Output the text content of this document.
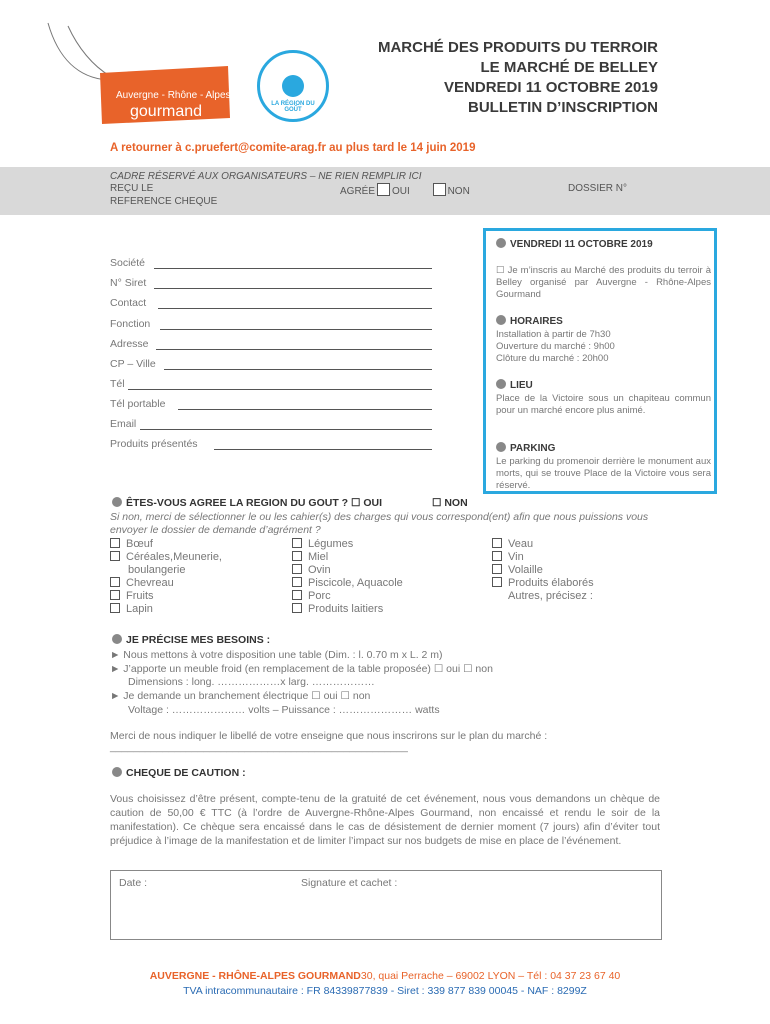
Auvergne - Rhône - Alpes
gourmand	LA RÉGION DU GOÛT
MARCHÉ DES PRODUITS DU TERROIR
LE MARCHÉ DE BELLEY
VENDREDI 11 OCTOBRE 2019
BULLETIN D’INSCRIPTION
A retourner à c.pruefert@comite-arag.fr au plus tard le 14 juin 2019
CADRE RÉSERVÉ AUX ORGANISATEURS – NE RIEN REMPLIR ICI
REÇU LE	AGRÉE OUI	NON	DOSSIER N°
REFERENCE CHEQUE
Société
N° Siret
Contact
Fonction
Adresse
CP – Ville
Tél
Tél portable
Email
Produits présentés
VENDREDI 11 OCTOBRE 2019
☐ Je m’inscris au Marché des produits du terroir à Belley organisé par Auvergne - Rhône-Alpes Gourmand
HORAIRES
Installation à partir de 7h30
Ouverture du marché : 9h00
Clôture du marché : 20h00
LIEU
Place de la Victoire sous un chapiteau commun pour un marché encore plus animé.
PARKING
Le parking du promenoir derrière le monument aux morts, qui se trouve Place de la Victoire vous sera réservé.
ÊTES-VOUS AGREE LA REGION DU GOUT ? ☐ OUI	☐ NON
Si non, merci de sélectionner le ou les cahier(s) des charges qui vous correspond(ent) afin que nous puissions vous envoyer le dossier de demande d’agrément ?
Bœuf
Céréales,Meunerie,
boulangerie
Chevreau
Fruits
Lapin
Légumes
Miel
Ovin
Piscicole, Aquacole
Porc
Produits laitiers
Veau
Vin
Volaille
Produits élaborés
Autres, précisez :
JE PRÉCISE MES BESOINS :
► Nous mettons à votre disposition une table (Dim. : l. 0.70 m x L. 2 m)
► J’apporte un meuble froid (en remplacement de la table proposée) ☐ oui ☐ non
Dimensions : long. ………………x larg. ………………
► Je demande un branchement électrique ☐ oui ☐ non
Voltage : ………………… volts – Puissance : ………………… watts
Merci de nous indiquer le libellé de votre enseigne que nous inscrirons sur le plan du marché :
___________________________________________________
CHEQUE DE CAUTION :
Vous choisissez d’être présent, compte-tenu de la gratuité de cet événement, nous vous demandons un chèque de caution de 50,00 € TTC (à l’ordre de Auvergne-Rhône-Alpes Gourmand, non encaissé et rendu le soir de la manifestation). Ce chèque sera encaissé dans le cas de désistement de dernier moment (7 jours) afin d’éviter tout préjudice à l’image de la manifestation et de limiter l’impact sur nos budgets de mise en place de l’événement.
Date :	Signature et cachet :
AUVERGNE - RHÔNE-ALPES GOURMAND30, quai Perrache – 69002 LYON – Tél : 04 37 23 67 40
TVA intracommunautaire : FR 84339877839 - Siret : 339 877 839 00045 - NAF : 8299Z
